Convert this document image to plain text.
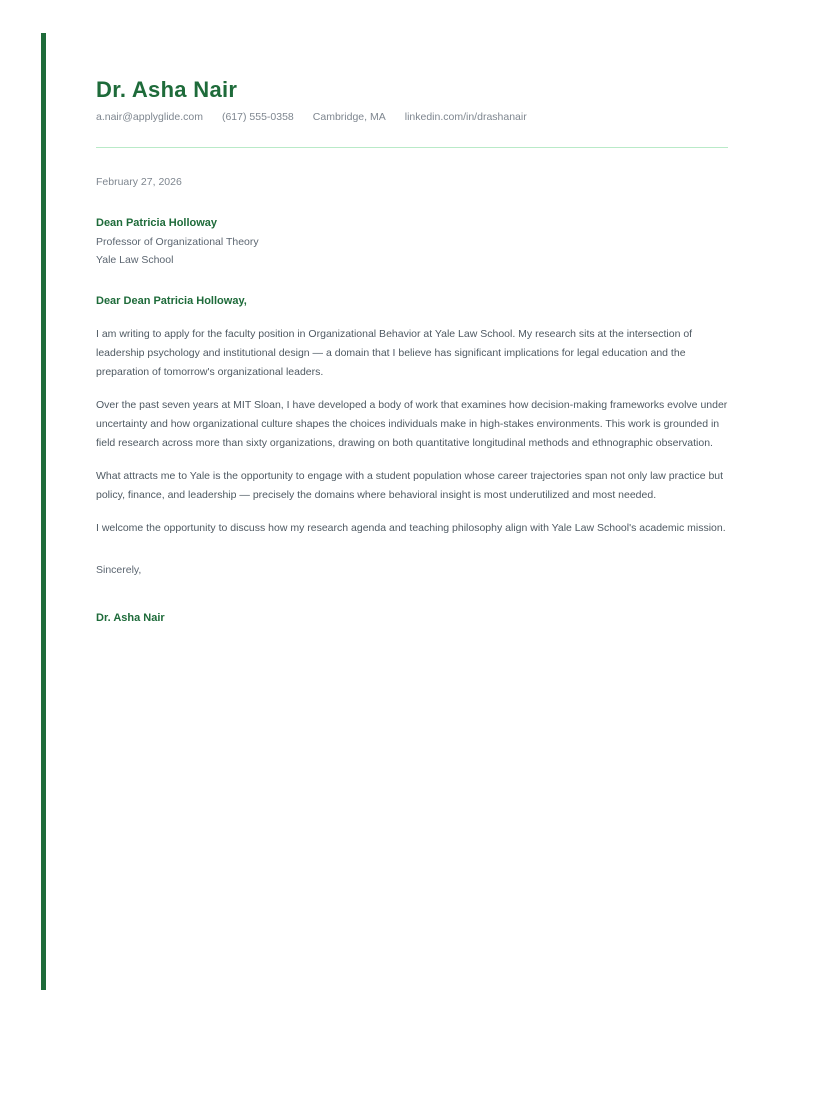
Dr. Asha Nair
a.nair@applyglide.com (617) 555-0358 Cambridge, MA linkedin.com/in/drashanair

February 27, 2026

Dean Patricia Holloway

Professor of Organizational Theory

Yale Law School

Dear Dean Patricia Holloway,

I am writing to apply for the faculty position in Organizational Behavior at Yale Law School. My research sits at the intersection of leadership psychology and institutional design — a domain that I believe has significant implications for legal education and the preparation of tomorrow's organizational leaders.

Over the past seven years at MIT Sloan, I have developed a body of work that examines how decision-making frameworks evolve under uncertainty and how organizational culture shapes the choices individuals make in high-stakes environments. This work is grounded in field research across more than sixty organizations, drawing on both quantitative longitudinal methods and ethnographic observation.

What attracts me to Yale is the opportunity to engage with a student population whose career trajectories span not only law practice but policy, finance, and leadership — precisely the domains where behavioral insight is most underutilized and most needed.

I welcome the opportunity to discuss how my research agenda and teaching philosophy align with Yale Law School's academic mission.

Sincerely,

Dr. Asha Nair
